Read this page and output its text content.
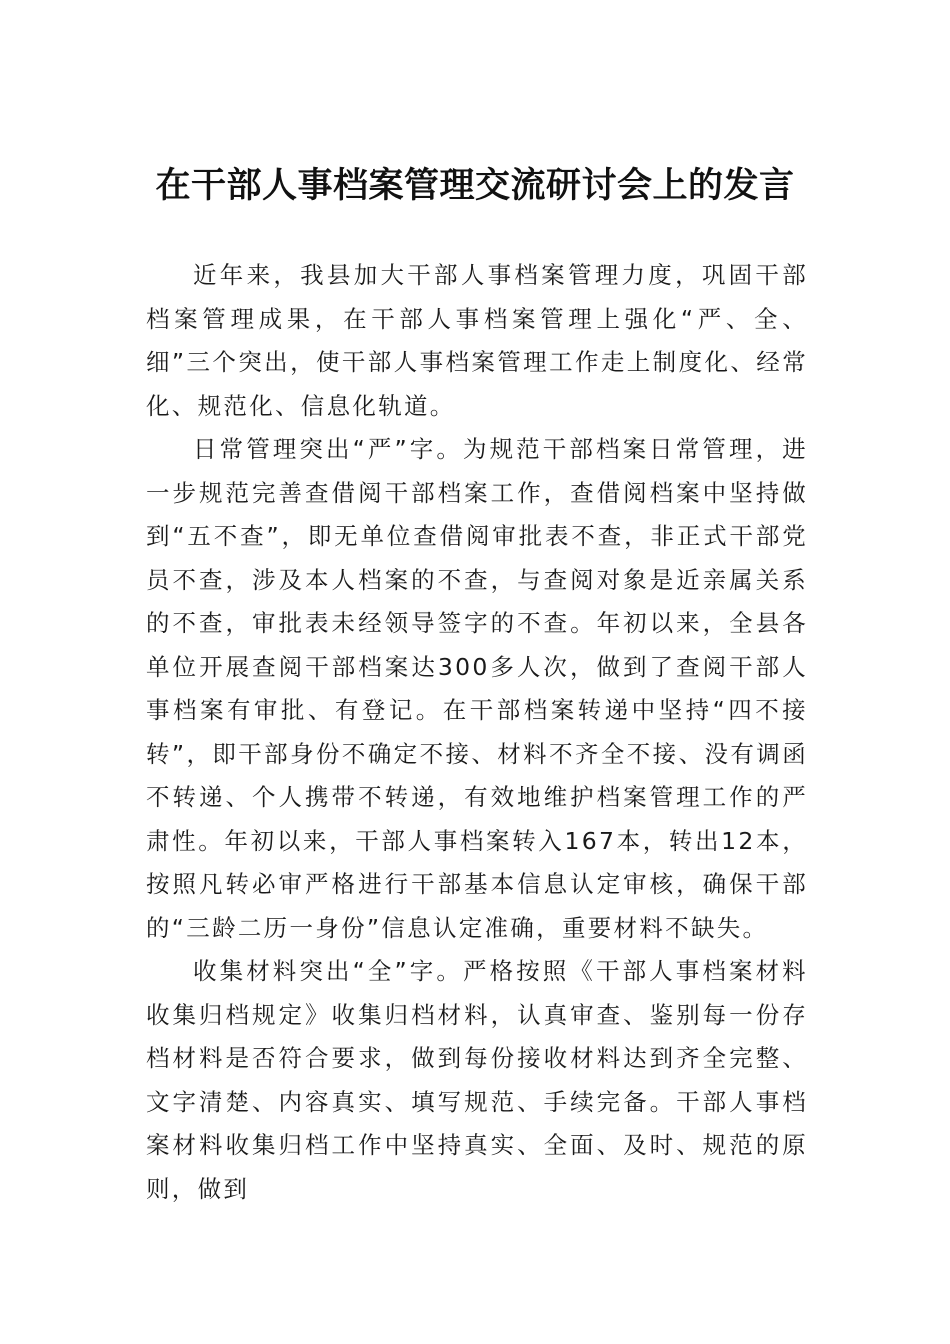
在干部人事档案管理交流研讨会上的发言

近年来，我县加大干部人事档案管理力度，巩固干部档案管理成果，在干部人事档案管理上强化“严、全、细”三个突出，使干部人事档案管理工作走上制度化、经常化、规范化、信息化轨道。

日常管理突出“严”字。为规范干部档案日常管理，进一步规范完善查借阅干部档案工作，查借阅档案中坚持做到“五不查”，即无单位查借阅审批表不查，非正式干部党员不查，涉及本人档案的不查，与查阅对象是近亲属关系的不查，审批表未经领导签字的不查。年初以来，全县各单位开展查阅干部档案达300多人次，做到了查阅干部人事档案有审批、有登记。在干部档案转递中坚持“四不接转”，即干部身份不确定不接、材料不齐全不接、没有调函不转递、个人携带不转递，有效地维护档案管理工作的严肃性。年初以来，干部人事档案转入167本，转出12本，按照凡转必审严格进行干部基本信息认定审核，确保干部的“三龄二历一身份”信息认定准确，重要材料不缺失。

收集材料突出“全”字。严格按照《干部人事档案材料收集归档规定》收集归档材料，认真审查、鉴别每一份存档材料是否符合要求，做到每份接收材料达到齐全完整、文字清楚、内容真实、填写规范、手续完备。干部人事档案材料收集归档工作中坚持真实、全面、及时、规范的原则，做到
